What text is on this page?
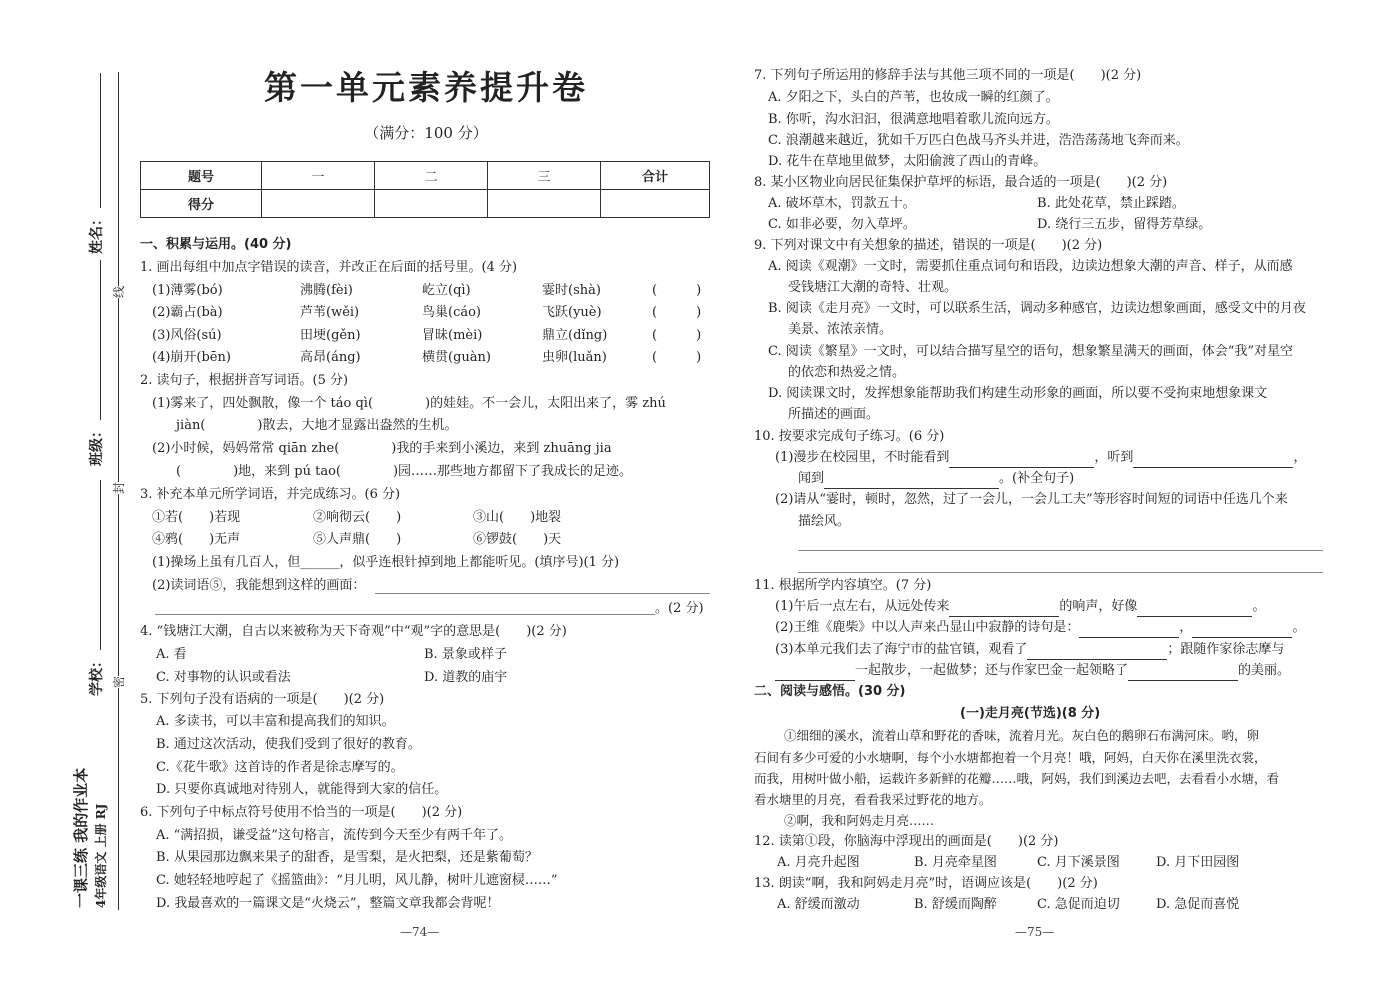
姓名：
班级：
学校：
线
封
密
一课三练 我的作业本 4年级语文 上册 RJ
第一单元素养提升卷
（满分：100 分）
题号	一	二	三	合计
得分				
一、积累与运用。(40 分)
1. 画出每组中加点字错误的读音，并改正在后面的括号里。(4 分)
(1)薄雾(bó)	沸腾(fèi)	屹立(qì)	霎时(shà)	(　　　)
(2)霸占(bà)	芦苇(wěi)	鸟巢(cáo)	飞跃(yuè)	(　　　)
(3)风俗(sú)	田埂(gěn)	冒昧(mèi)	鼎立(dǐng)	(　　　)
(4)崩开(bēn)	高昂(áng)	横贯(guàn)	虫卵(luǎn)	(　　　)
2. 读句子，根据拼音写词语。(5 分)
(1)雾来了，四处飘散，像一个 táo qì(　　　　)的娃娃。不一会儿，太阳出来了，雾 zhú
jiàn(　　　　)散去，大地才显露出盎然的生机。
(2)小时候，妈妈常常 qiān zhe(　　　　)我的手来到小溪边，来到 zhuāng jia
(　　　　)地，来到 pú tao(　　　　)园……那些地方都留下了我成长的足迹。
3. 补充本单元所学词语，并完成练习。(6 分)
①若(　　)若现	②响彻云(　　)	③山(　　)地裂
④鸦(　　)无声	⑤人声鼎(　　)	⑥锣鼓(　　)天
(1)操场上虽有几百人，但______，似乎连根针掉到地上都能听见。(填序号)(1 分)
(2)读词语⑤，我能想到这样的画面：
。(2 分)
4. “钱塘江大潮，自古以来被称为天下奇观”中“观”字的意思是(　　)(2 分)
A. 看	B. 景象或样子
C. 对事物的认识或看法	D. 道教的庙宇
5. 下列句子没有语病的一项是(　　)(2 分)
A. 多读书，可以丰富和提高我们的知识。
B. 通过这次活动，使我们受到了很好的教育。
C.《花牛歌》这首诗的作者是徐志摩写的。
D. 只要你真诚地对待别人，就能得到大家的信任。
6. 下列句子中标点符号使用不恰当的一项是(　　)(2 分)
A. “满招损，谦受益”这句格言，流传到今天至少有两千年了。
B. 从果园那边飘来果子的甜香，是雪梨，是火把梨，还是紫葡萄？
C. 她轻轻地哼起了《摇篮曲》：“月儿明，风儿静，树叶儿遮窗棂……”
D. 我最喜欢的一篇课文是“火烧云”，整篇文章我都会背呢！
—74—
7. 下列句子所运用的修辞手法与其他三项不同的一项是(　　)(2 分)
A. 夕阳之下，头白的芦苇，也妆成一瞬的红颜了。
B. 你听，沟水汩汩，很满意地唱着歌儿流向远方。
C. 浪潮越来越近，犹如千万匹白色战马齐头并进，浩浩荡荡地飞奔而来。
D. 花牛在草地里做梦，太阳偷渡了西山的青峰。
8. 某小区物业向居民征集保护草坪的标语，最合适的一项是(　　)(2 分)
A. 破坏草木，罚款五十。	B. 此处花草，禁止踩踏。
C. 如非必要，勿入草坪。	D. 绕行三五步，留得芳草绿。
9. 下列对课文中有关想象的描述，错误的一项是(　　)(2 分)
A. 阅读《观潮》一文时，需要抓住重点词句和语段，边读边想象大潮的声音、样子，从而感
受钱塘江大潮的奇特、壮观。
B. 阅读《走月亮》一文时，可以联系生活，调动多种感官，边读边想象画面，感受文中的月夜
美景、浓浓亲情。
C. 阅读《繁星》一文时，可以结合描写星空的语句，想象繁星满天的画面，体会“我”对星空
的依恋和热爱之情。
D. 阅读课文时，发挥想象能帮助我们构建生动形象的画面，所以要不受拘束地想象课文
所描述的画面。
10. 按要求完成句子练习。(6 分)
(1)漫步在校园里，不时能看到	，听到	，
闻到	。(补全句子)
(2)请从“霎时，顿时，忽然，过了一会儿，一会儿工夫”等形容时间短的词语中任选几个来
描绘风。
11. 根据所学内容填空。(7 分)
(1)午后一点左右，从远处传来	的响声，好像	。
(2)王维《鹿柴》中以人声来凸显山中寂静的诗句是：	，	。
(3)本单元我们去了海宁市的盐官镇，观看了	；跟随作家徐志摩与
一起散步，一起做梦；还与作家巴金一起领略了	的美丽。
二、阅读与感悟。(30 分)
(一)走月亮(节选)(8 分)
①细细的溪水，流着山草和野花的香味，流着月光。灰白色的鹅卵石布满河床。哟，卵
石间有多少可爱的小水塘啊，每个小水塘都抱着一个月亮！哦，阿妈，白天你在溪里洗衣裳，
而我，用树叶做小船，运载许多新鲜的花瓣……哦，阿妈，我们到溪边去吧，去看看小水塘，看
看水塘里的月亮，看看我采过野花的地方。
②啊，我和阿妈走月亮……
12. 读第①段，你脑海中浮现出的画面是(　　)(2 分)
A. 月亮升起图	B. 月亮牵星图	C. 月下溪景图	D. 月下田园图
13. 朗读“啊，我和阿妈走月亮”时，语调应该是(　　)(2 分)
A. 舒缓而激动	B. 舒缓而陶醉	C. 急促而迫切	D. 急促而喜悦
—75—
